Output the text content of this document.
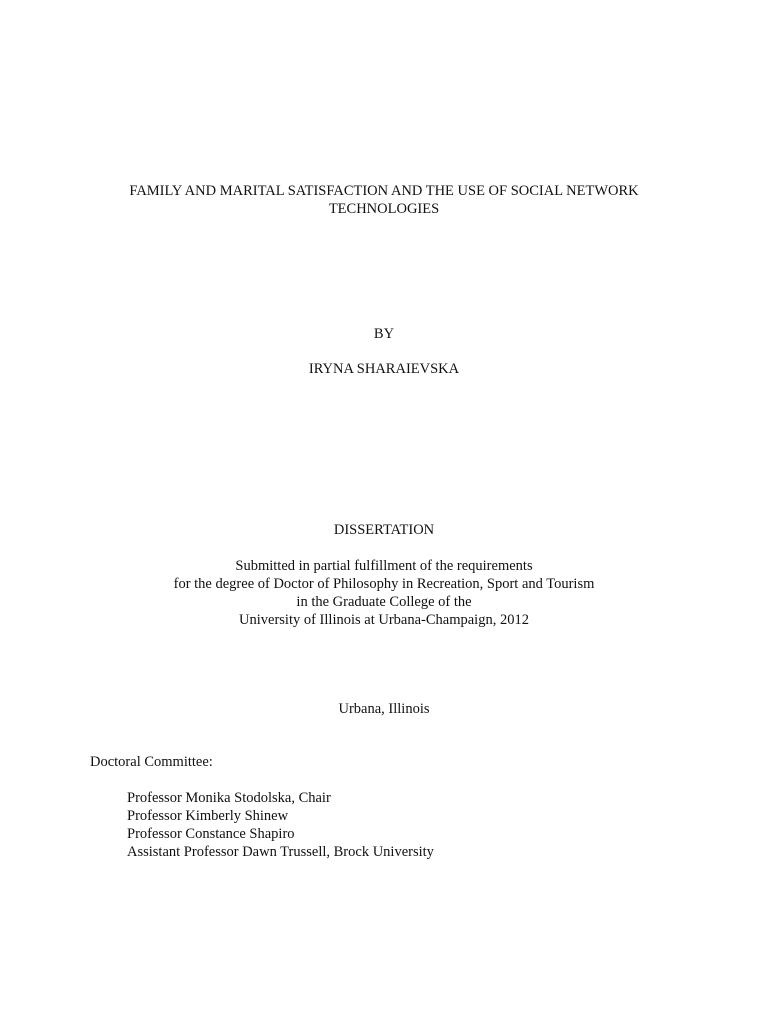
FAMILY AND MARITAL SATISFACTION AND THE USE OF SOCIAL NETWORK
TECHNOLOGIES
BY
IRYNA SHARAIEVSKA
DISSERTATION
Submitted in partial fulfillment of the requirements
for the degree of Doctor of Philosophy in Recreation, Sport and Tourism
in the Graduate College of the
University of Illinois at Urbana-Champaign, 2012
Urbana, Illinois
Doctoral Committee:
Professor Monika Stodolska, Chair
Professor Kimberly Shinew
Professor Constance Shapiro
Assistant Professor Dawn Trussell, Brock University
